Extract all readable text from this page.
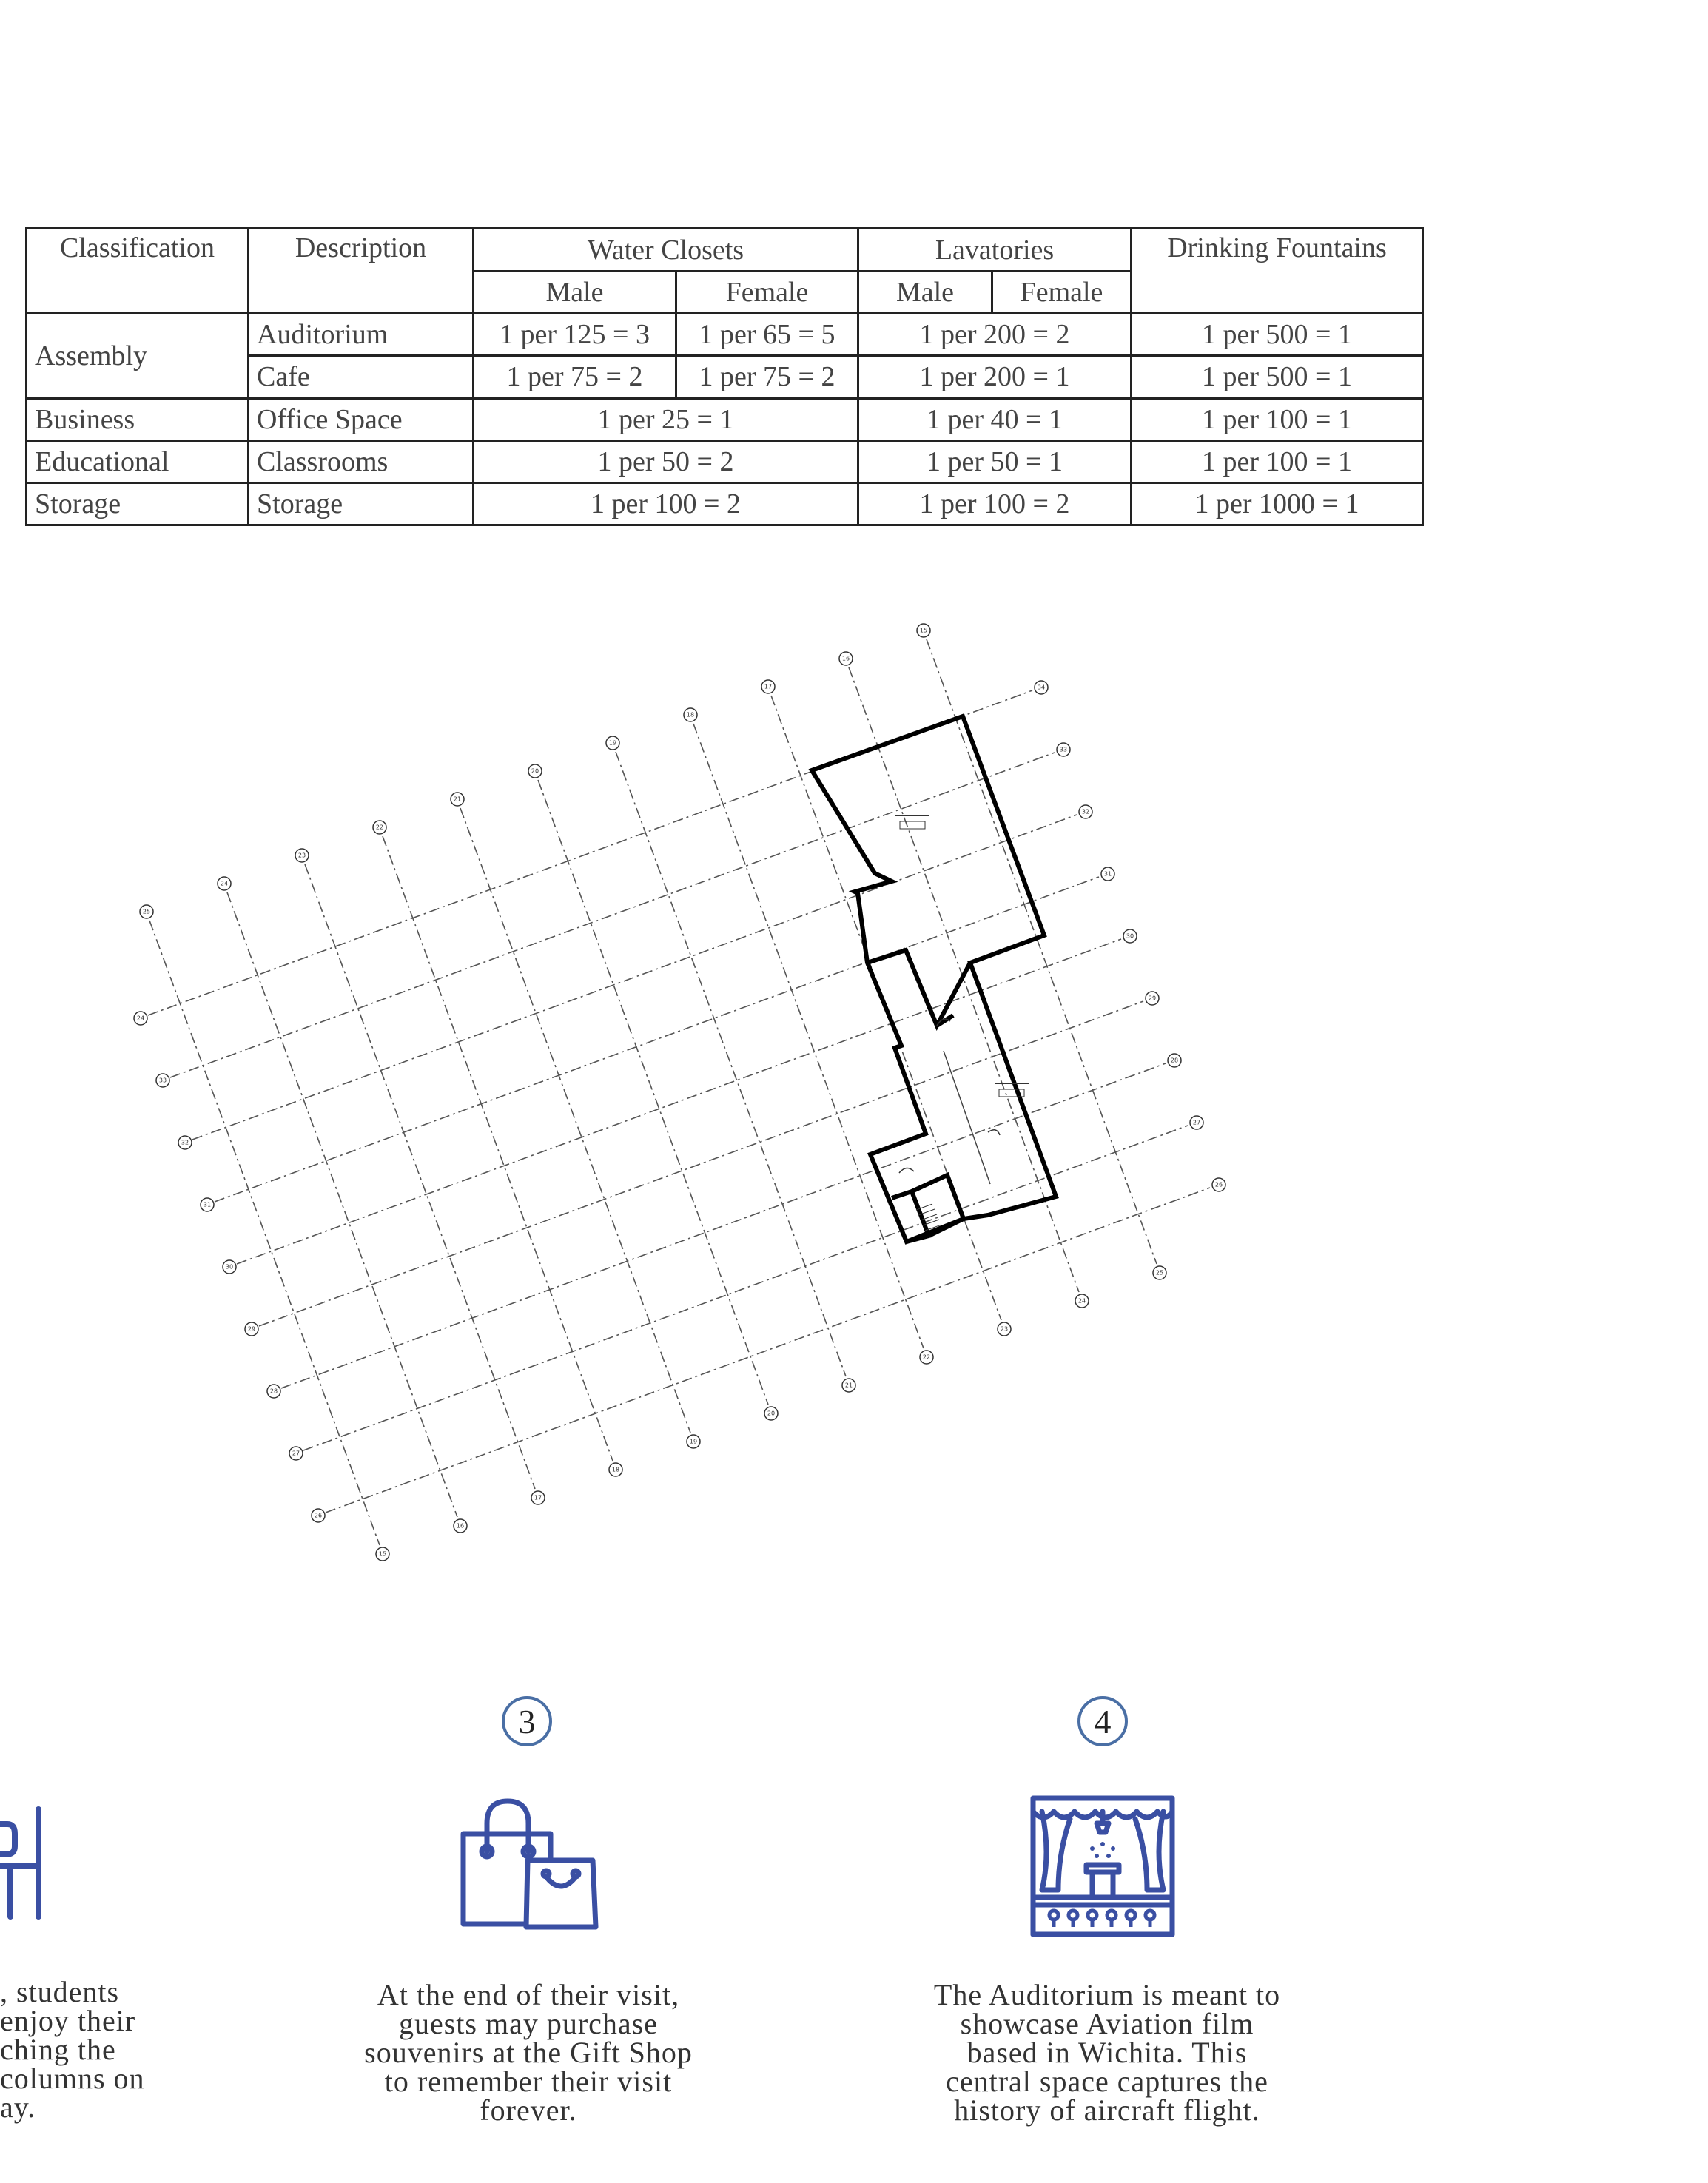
Classification	Description	Water Closets		Lavatories		Drinking Fountains
		Male	Female	Male	Female	
Assembly	Auditorium	1 per 125 = 3	1 per 65 = 5	1 per 200 = 2		1 per 500 = 1
	Cafe	1 per 75 = 2	1 per 75 = 2	1 per 200 = 1		1 per 500 = 1
Business	Office Space	1 per 25 = 1		1 per 40 = 1		1 per 100 = 1
Educational	Classrooms	1 per 50 = 2		1 per 50 = 1		1 per 100 = 1
Storage	Storage	1 per 100 = 2		1 per 100 = 2		1 per 1000 = 1
15
25
16
24
17
23
18
22
19
21
20
20
21
19
22
18
23
17
24
16
25
15
24
34
33
33
32
32
31
31
30
30
29
29
28
28
27
27
26
26
, students
enjoy their
ching the
columns on
ay.
3
At the end of their visit,
guests may purchase
souvenirs at the Gift Shop
to remember their visit
forever.
4
The Auditorium is meant to
showcase Aviation film
based in Wichita. This
central space captures the
history of aircraft flight.
